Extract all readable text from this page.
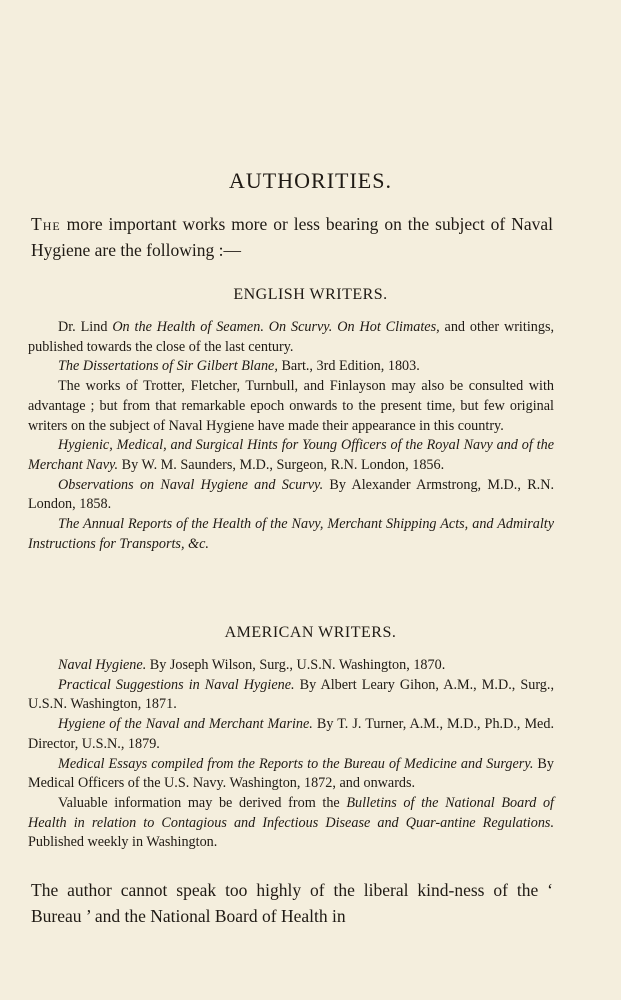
AUTHORITIES.
The more important works more or less bearing on the subject of Naval Hygiene are the following :—
ENGLISH WRITERS.

Dr. Lind On the Health of Seamen. On Scurvy. On Hot Climates, and other writings, published towards the close of the last century.

The Dissertations of Sir Gilbert Blane, Bart., 3rd Edition, 1803.

The works of Trotter, Fletcher, Turnbull, and Finlayson may also be consulted with advantage ; but from that remarkable epoch onwards to the present time, but few original writers on the subject of Naval Hygiene have made their appearance in this country.

Hygienic, Medical, and Surgical Hints for Young Officers of the Royal Navy and of the Merchant Navy. By W. M. Saunders, M.D., Surgeon, R.N. London, 1856.

Observations on Naval Hygiene and Scurvy. By Alexander Armstrong, M.D., R.N. London, 1858.

The Annual Reports of the Health of the Navy, Merchant Shipping Acts, and Admiralty Instructions for Transports, &c.

AMERICAN WRITERS.

Naval Hygiene. By Joseph Wilson, Surg., U.S.N. Washington, 1870.

Practical Suggestions in Naval Hygiene. By Albert Leary Gihon, A.M., M.D., Surg., U.S.N. Washington, 1871.

Hygiene of the Naval and Merchant Marine. By T. J. Turner, A.M., M.D., Ph.D., Med. Director, U.S.N., 1879.

Medical Essays compiled from the Reports to the Bureau of Medicine and Surgery. By Medical Officers of the U.S. Navy. Washington, 1872, and onwards.

Valuable information may be derived from the Bulletins of the National Board of Health in relation to Contagious and Infectious Disease and Quar-antine Regulations. Published weekly in Washington.

The author cannot speak too highly of the liberal kind-ness of the ‘ Bureau ’ and the National Board of Health in
